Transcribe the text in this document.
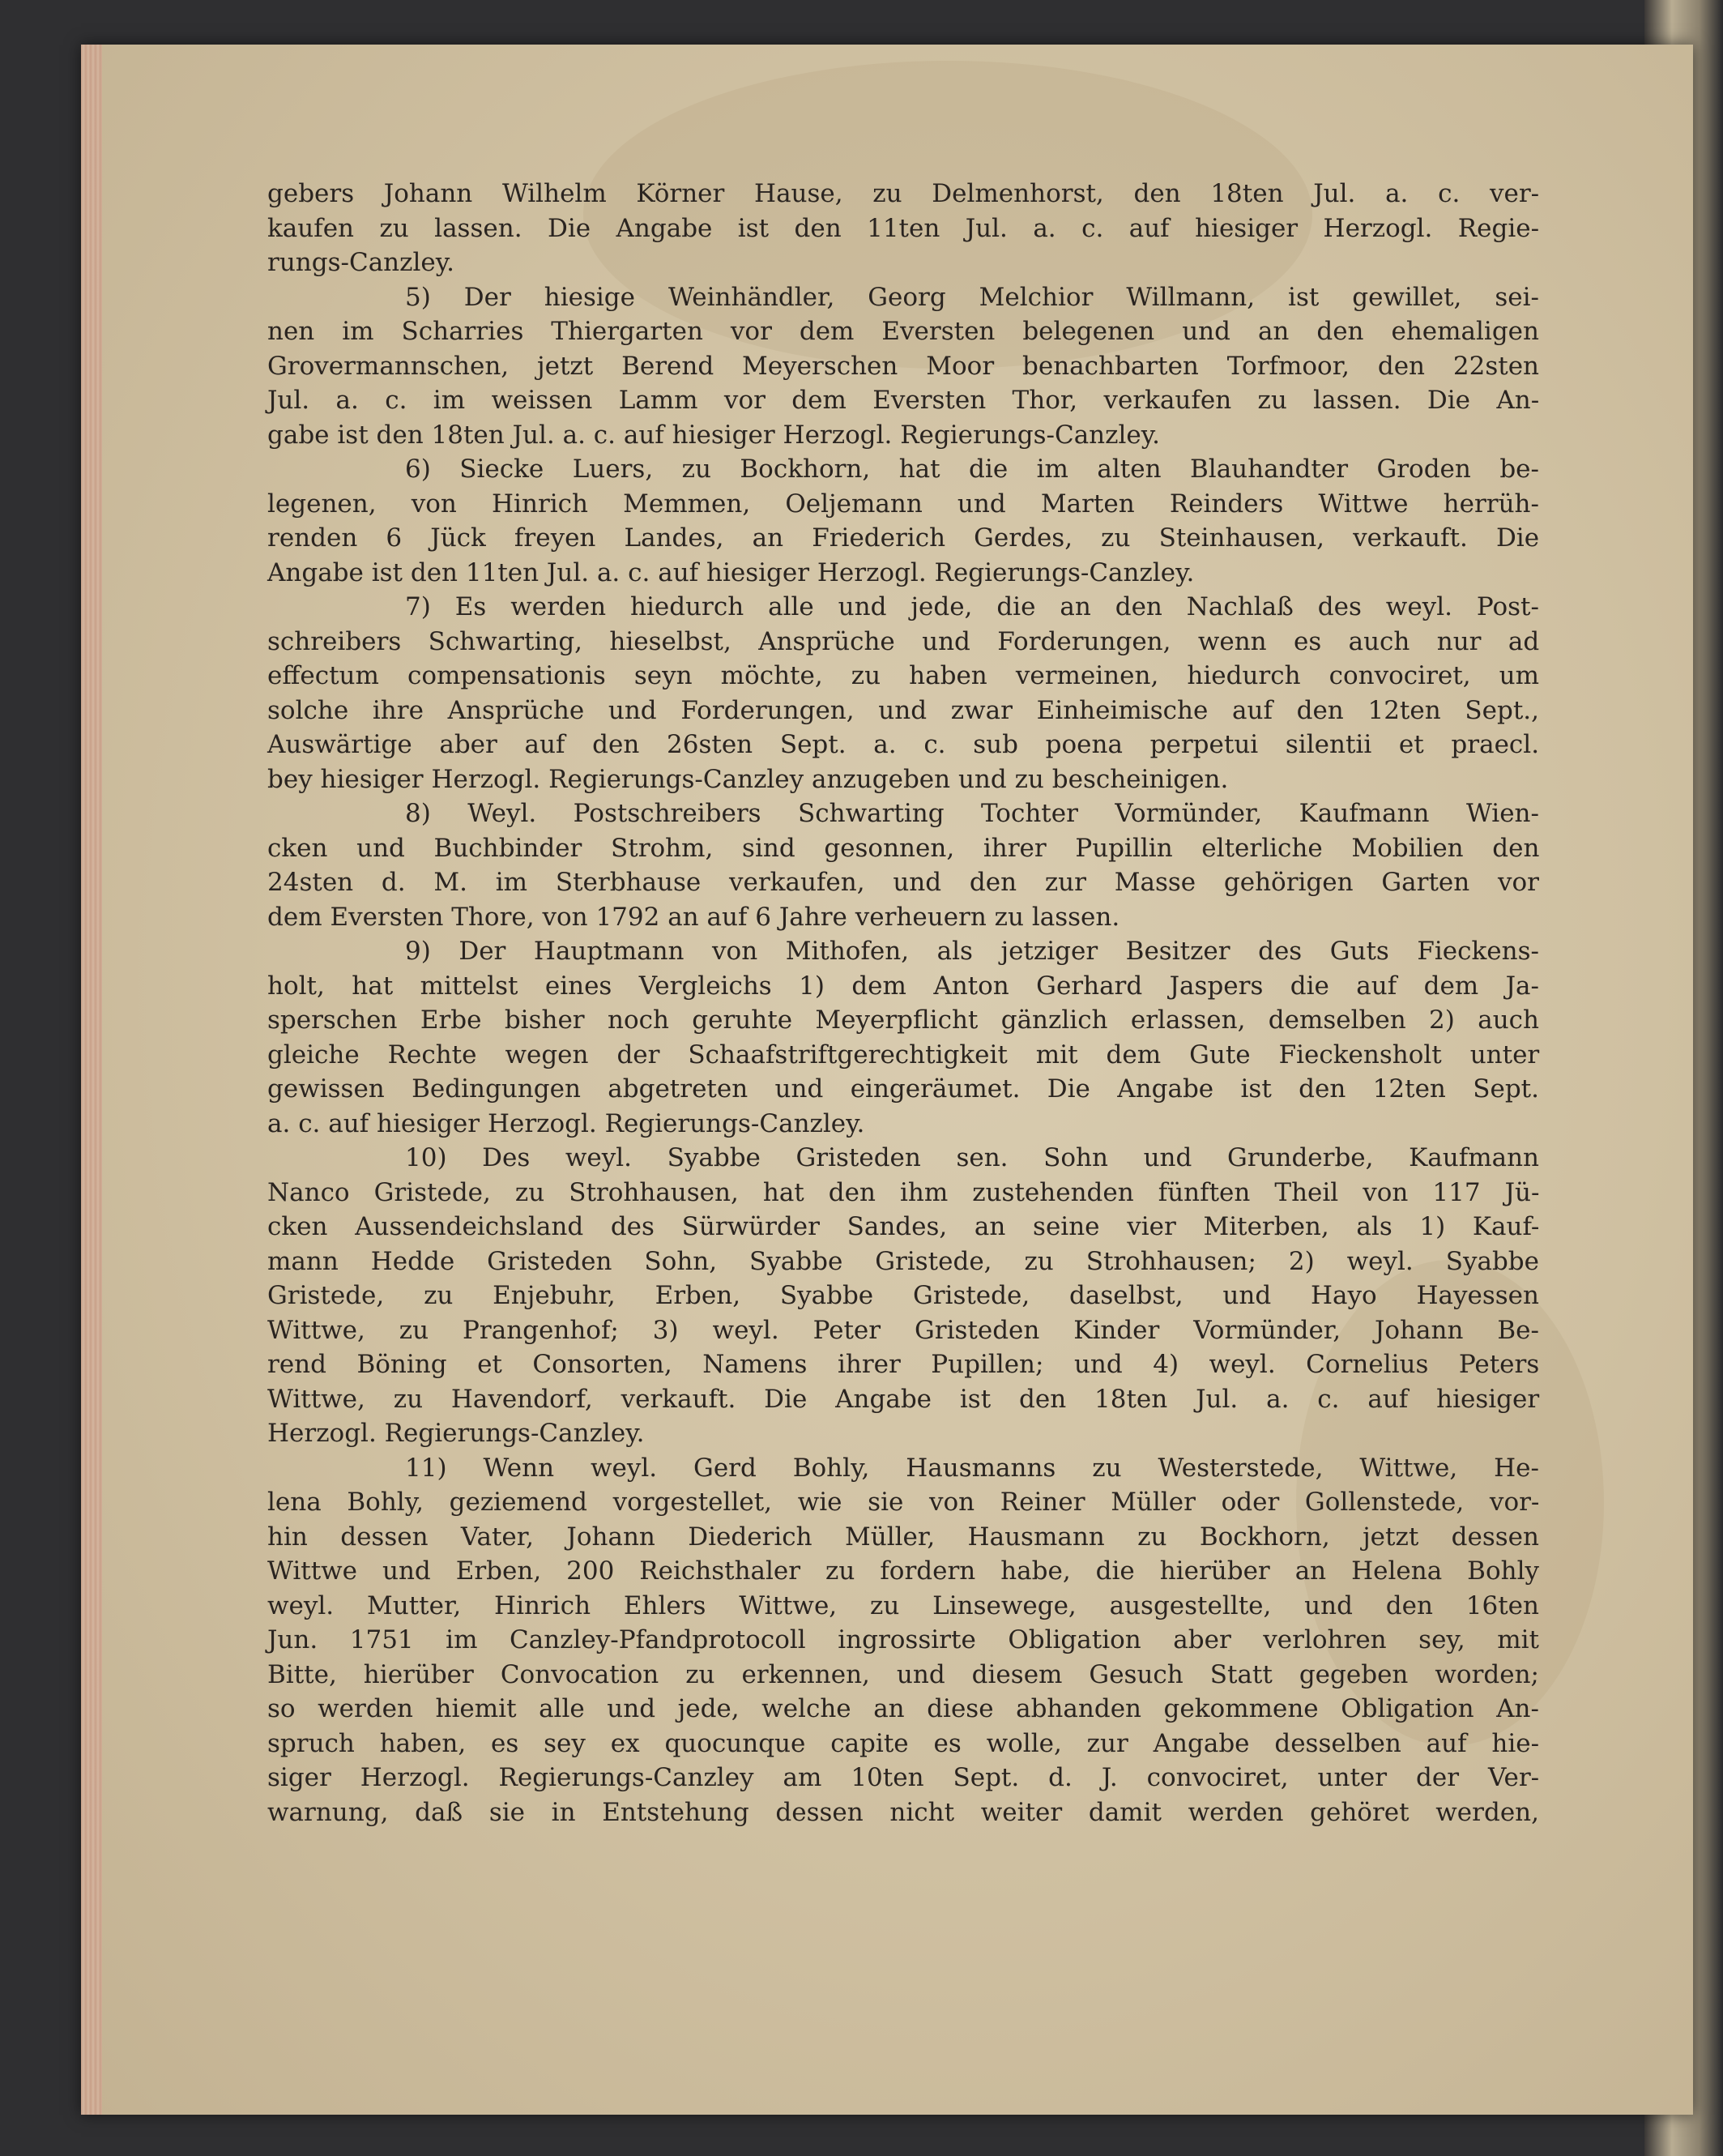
gebers Johann Wilhelm Körner Hause, zu Delmenhorst, den 18ten Jul. a. c. ver-
kaufen zu lassen. Die Angabe ist den 11ten Jul. a. c. auf hiesiger Herzogl. Regie-
rungs-Canzley.
5) Der hiesige Weinhändler, Georg Melchior Willmann, ist gewillet, sei-
nen im Scharries Thiergarten vor dem Eversten belegenen und an den ehemaligen
Grovermannschen, jetzt Berend Meyerschen Moor benachbarten Torfmoor, den 22sten
Jul. a. c. im weissen Lamm vor dem Eversten Thor, verkaufen zu lassen. Die An-
gabe ist den 18ten Jul. a. c. auf hiesiger Herzogl. Regierungs-Canzley.
6) Siecke Luers, zu Bockhorn, hat die im alten Blauhandter Groden be-
legenen, von Hinrich Memmen, Oeljemann und Marten Reinders Wittwe herrüh-
renden 6 Jück freyen Landes, an Friederich Gerdes, zu Steinhausen, verkauft. Die
Angabe ist den 11ten Jul. a. c. auf hiesiger Herzogl. Regierungs-Canzley.
7) Es werden hiedurch alle und jede, die an den Nachlaß des weyl. Post-
schreibers Schwarting, hieselbst, Ansprüche und Forderungen, wenn es auch nur ad
effectum compensationis seyn möchte, zu haben vermeinen, hiedurch convociret, um
solche ihre Ansprüche und Forderungen, und zwar Einheimische auf den 12ten Sept.,
Auswärtige aber auf den 26sten Sept. a. c. sub poena perpetui silentii et praecl.
bey hiesiger Herzogl. Regierungs-Canzley anzugeben und zu bescheinigen.
8) Weyl. Postschreibers Schwarting Tochter Vormünder, Kaufmann Wien-
cken und Buchbinder Strohm, sind gesonnen, ihrer Pupillin elterliche Mobilien den
24sten d. M. im Sterbhause verkaufen, und den zur Masse gehörigen Garten vor
dem Eversten Thore, von 1792 an auf 6 Jahre verheuern zu lassen.
9) Der Hauptmann von Mithofen, als jetziger Besitzer des Guts Fieckens-
holt, hat mittelst eines Vergleichs 1) dem Anton Gerhard Jaspers die auf dem Ja-
sperschen Erbe bisher noch geruhte Meyerpflicht gänzlich erlassen, demselben 2) auch
gleiche Rechte wegen der Schaafstriftgerechtigkeit mit dem Gute Fieckensholt unter
gewissen Bedingungen abgetreten und eingeräumet. Die Angabe ist den 12ten Sept.
a. c. auf hiesiger Herzogl. Regierungs-Canzley.
10) Des weyl. Syabbe Gristeden sen. Sohn und Grunderbe, Kaufmann
Nanco Gristede, zu Strohhausen, hat den ihm zustehenden fünften Theil von 117 Jü-
cken Aussendeichsland des Sürwürder Sandes, an seine vier Miterben, als 1) Kauf-
mann Hedde Gristeden Sohn, Syabbe Gristede, zu Strohhausen; 2) weyl. Syabbe
Gristede, zu Enjebuhr, Erben, Syabbe Gristede, daselbst, und Hayo Hayessen
Wittwe, zu Prangenhof; 3) weyl. Peter Gristeden Kinder Vormünder, Johann Be-
rend Böning et Consorten, Namens ihrer Pupillen; und 4) weyl. Cornelius Peters
Wittwe, zu Havendorf, verkauft. Die Angabe ist den 18ten Jul. a. c. auf hiesiger
Herzogl. Regierungs-Canzley.
11) Wenn weyl. Gerd Bohly, Hausmanns zu Westerstede, Wittwe, He-
lena Bohly, geziemend vorgestellet, wie sie von Reiner Müller oder Gollenstede, vor-
hin dessen Vater, Johann Diederich Müller, Hausmann zu Bockhorn, jetzt dessen
Wittwe und Erben, 200 Reichsthaler zu fordern habe, die hierüber an Helena Bohly
weyl. Mutter, Hinrich Ehlers Wittwe, zu Linsewege, ausgestellte, und den 16ten
Jun. 1751 im Canzley-Pfandprotocoll ingrossirte Obligation aber verlohren sey, mit
Bitte, hierüber Convocation zu erkennen, und diesem Gesuch Statt gegeben worden;
so werden hiemit alle und jede, welche an diese abhanden gekommene Obligation An-
spruch haben, es sey ex quocunque capite es wolle, zur Angabe desselben auf hie-
siger Herzogl. Regierungs-Canzley am 10ten Sept. d. J. convociret, unter der Ver-
warnung, daß sie in Entstehung dessen nicht weiter damit werden gehöret werden,
